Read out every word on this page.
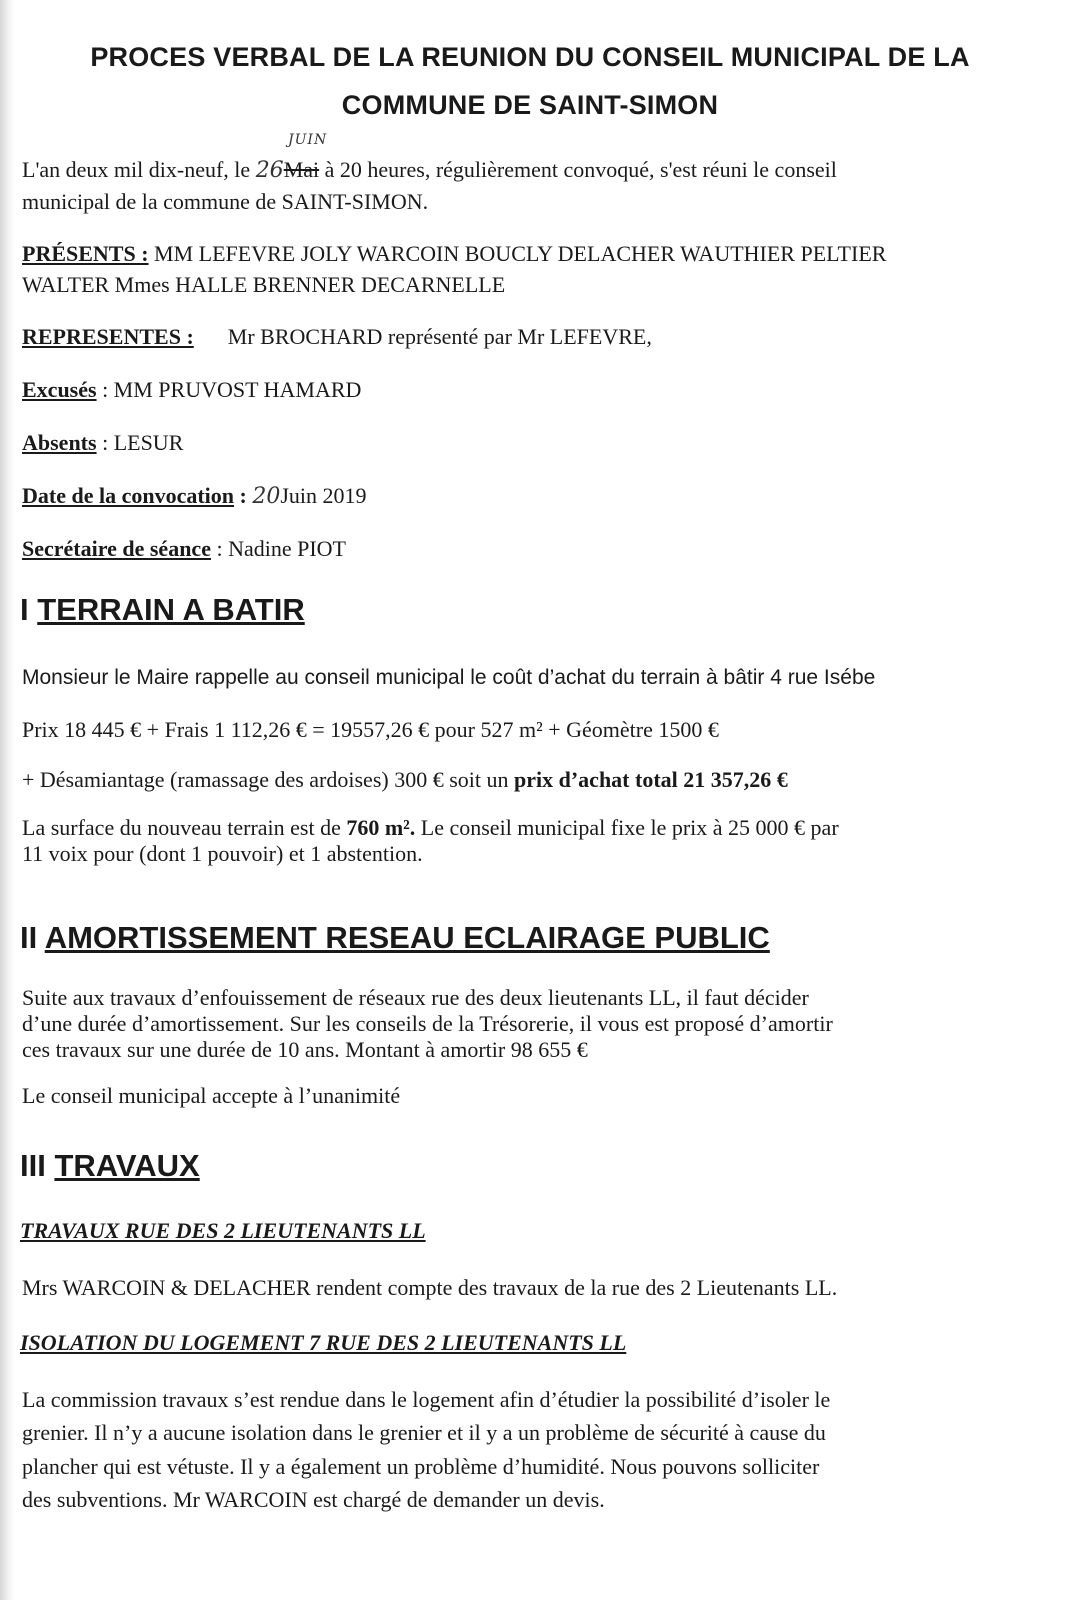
PROCES VERBAL DE LA REUNION DU CONSEIL MUNICIPAL DE LA
COMMUNE DE SAINT-SIMON
JUIN
L'an deux mil dix-neuf, le 26Mai à 20 heures, régulièrement convoqué, s'est réuni le conseil
municipal de la commune de SAINT-SIMON.
PRÉSENTS : MM LEFEVRE JOLY WARCOIN BOUCLY DELACHER WAUTHIER PELTIER
WALTER Mmes HALLE BRENNER DECARNELLE
REPRESENTES : Mr BROCHARD représenté par Mr LEFEVRE,
Excusés : MM PRUVOST HAMARD
Absents : LESUR
Date de la convocation : 20Juin 2019
Secrétaire de séance : Nadine PIOT
I TERRAIN A BATIR
Monsieur le Maire rappelle au conseil municipal le coût d’achat du terrain à bâtir 4 rue Isébe
Prix 18 445 € + Frais 1 112,26 € = 19557,26 € pour 527 m² + Géomètre 1500 €
+ Désamiantage (ramassage des ardoises) 300 € soit un prix d’achat total 21 357,26 €
La surface du nouveau terrain est de 760 m². Le conseil municipal fixe le prix à 25 000 € par
11 voix pour (dont 1 pouvoir) et 1 abstention.
II AMORTISSEMENT RESEAU ECLAIRAGE PUBLIC
Suite aux travaux d’enfouissement de réseaux rue des deux lieutenants LL, il faut décider
d’une durée d’amortissement. Sur les conseils de la Trésorerie, il vous est proposé d’amortir
ces travaux sur une durée de 10 ans. Montant à amortir 98 655 €
Le conseil municipal accepte à l’unanimité
III TRAVAUX
TRAVAUX RUE DES 2 LIEUTENANTS LL
Mrs WARCOIN & DELACHER rendent compte des travaux de la rue des 2 Lieutenants LL.
ISOLATION DU LOGEMENT 7 RUE DES 2 LIEUTENANTS LL
La commission travaux s’est rendue dans le logement afin d’étudier la possibilité d’isoler le
grenier. Il n’y a aucune isolation dans le grenier et il y a un problème de sécurité à cause du
plancher qui est vétuste. Il y a également un problème d’humidité. Nous pouvons solliciter
des subventions. Mr WARCOIN est chargé de demander un devis.
